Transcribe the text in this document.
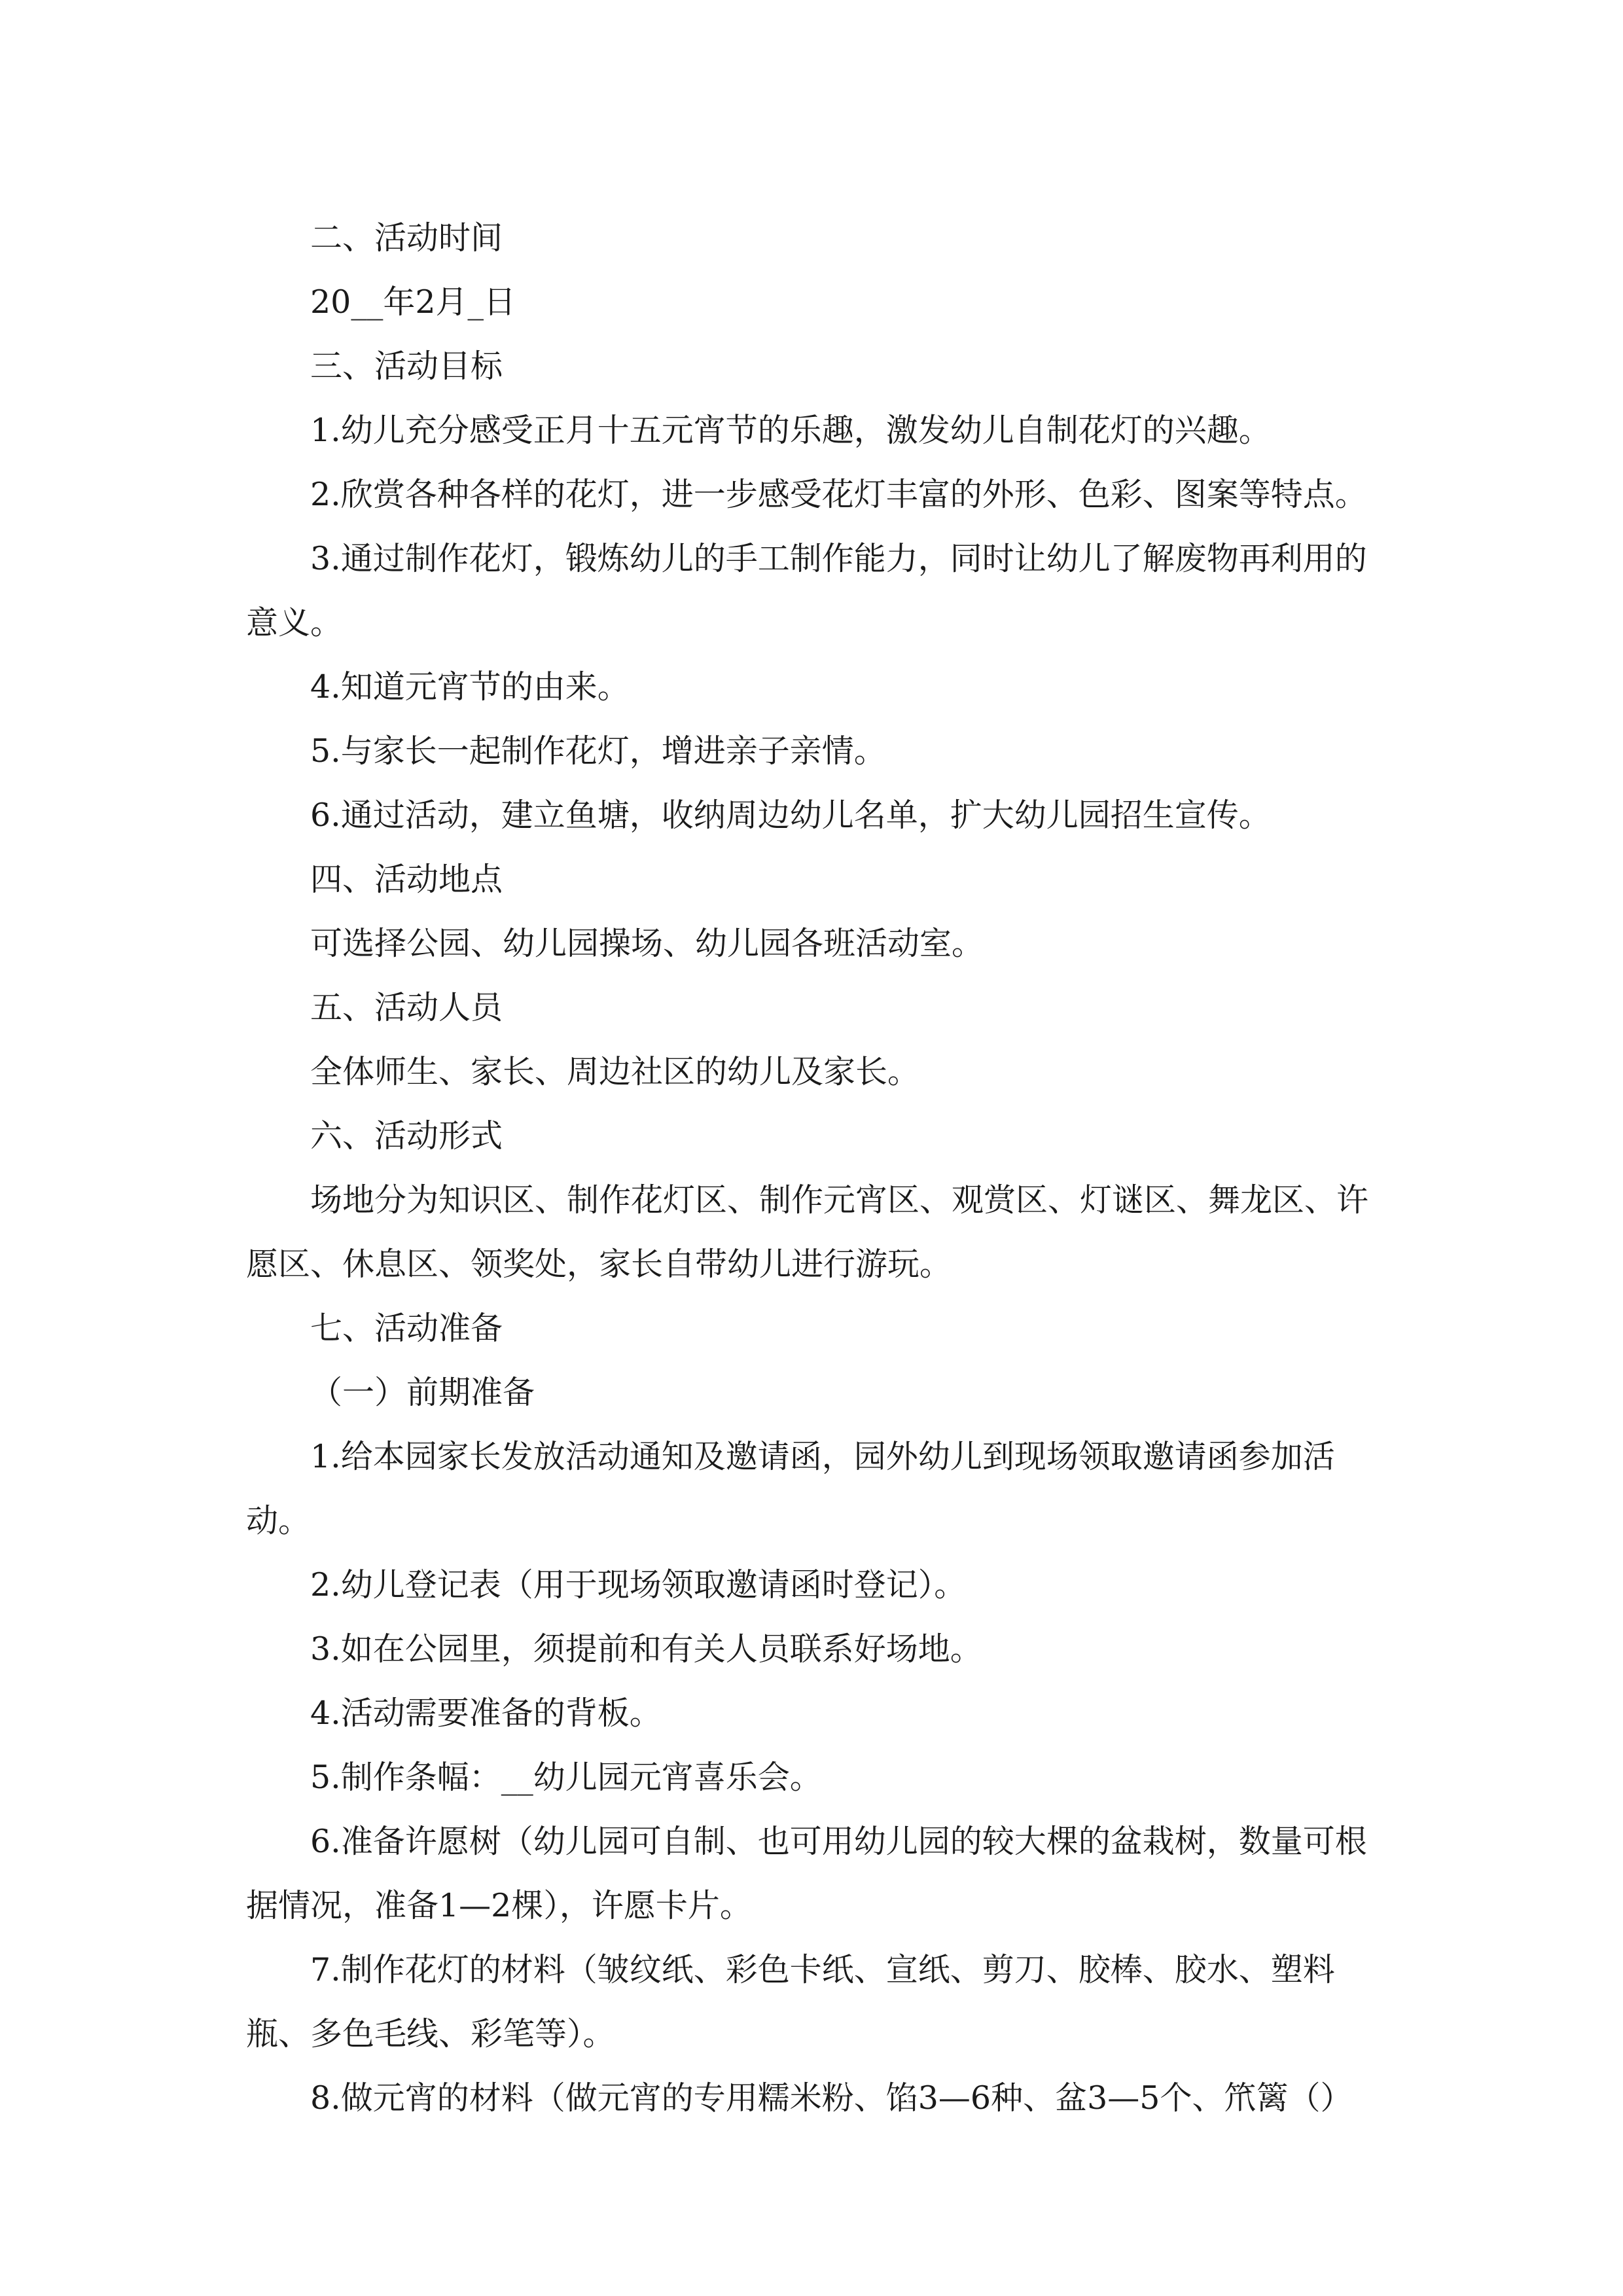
二、活动时间

20__年2月_日

三、活动目标

1.幼儿充分感受正月十五元宵节的乐趣，激发幼儿自制花灯的兴趣。

2.欣赏各种各样的花灯，进一步感受花灯丰富的外形、色彩、图案等特点。

3.通过制作花灯，锻炼幼儿的手工制作能力，同时让幼儿了解废物再利用的意义。

4.知道元宵节的由来。

5.与家长一起制作花灯，增进亲子亲情。

6.通过活动，建立鱼塘，收纳周边幼儿名单，扩大幼儿园招生宣传。

四、活动地点

可选择公园、幼儿园操场、幼儿园各班活动室。

五、活动人员

全体师生、家长、周边社区的幼儿及家长。

六、活动形式

场地分为知识区、制作花灯区、制作元宵区、观赏区、灯谜区、舞龙区、许愿区、休息区、领奖处，家长自带幼儿进行游玩。

七、活动准备

（一）前期准备

1.给本园家长发放活动通知及邀请函，园外幼儿到现场领取邀请函参加活动。

2.幼儿登记表（用于现场领取邀请函时登记）。

3.如在公园里，须提前和有关人员联系好场地。

4.活动需要准备的背板。

5.制作条幅：__幼儿园元宵喜乐会。

6.准备许愿树（幼儿园可自制、也可用幼儿园的较大棵的盆栽树，数量可根据情况，准备1—2棵），许愿卡片。

7.制作花灯的材料（皱纹纸、彩色卡纸、宣纸、剪刀、胶棒、胶水、塑料瓶、多色毛线、彩笔等）。

8.做元宵的材料（做元宵的专用糯米粉、馅3—6种、盆3—5个、笊篱（）
